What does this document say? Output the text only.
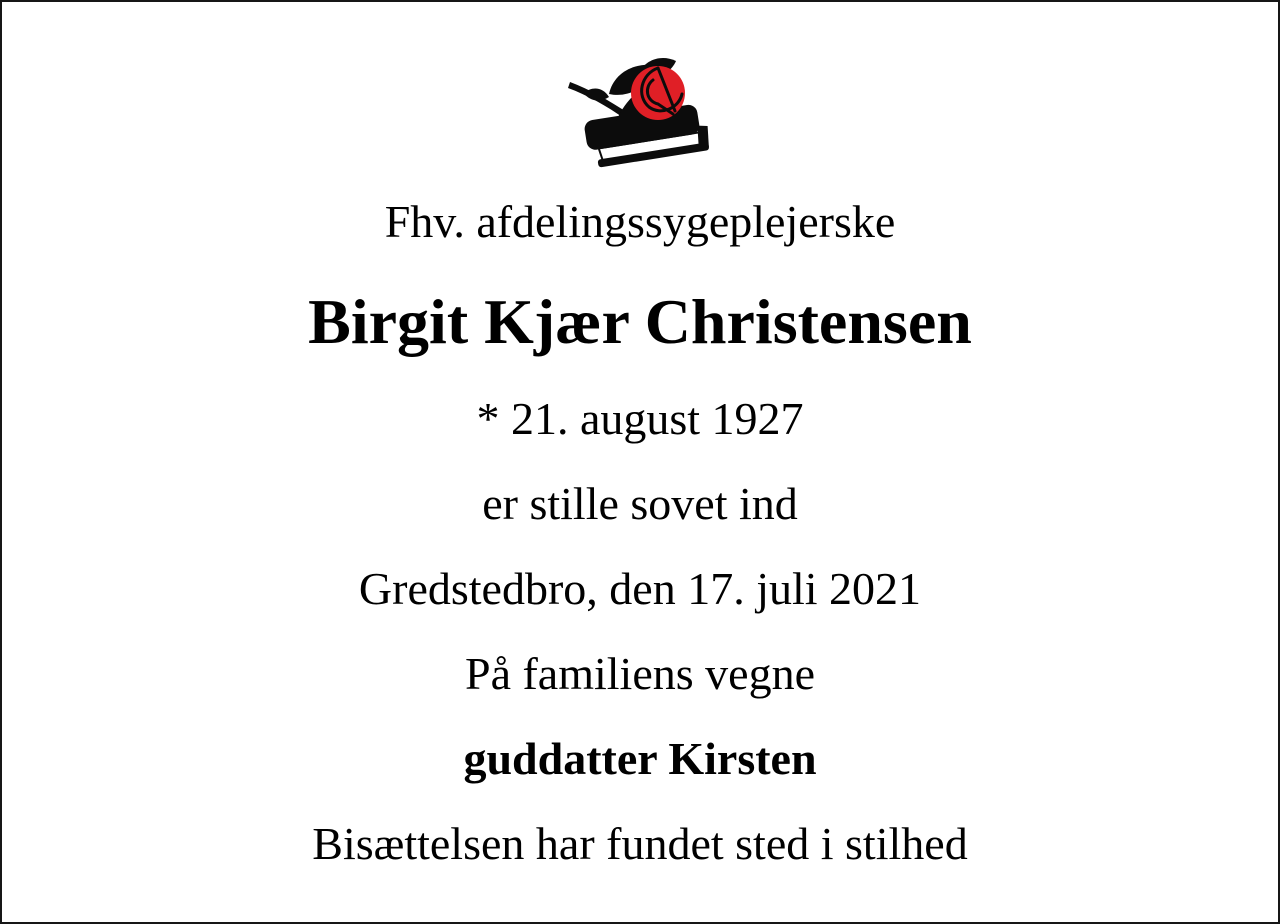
Fhv. afdelingssygeplejerske
Birgit Kjær Christensen
* 21. august 1927
er stille sovet ind
Gredstedbro, den 17. juli 2021
På familiens vegne
guddatter Kirsten
Bisættelsen har fundet sted i stilhed
